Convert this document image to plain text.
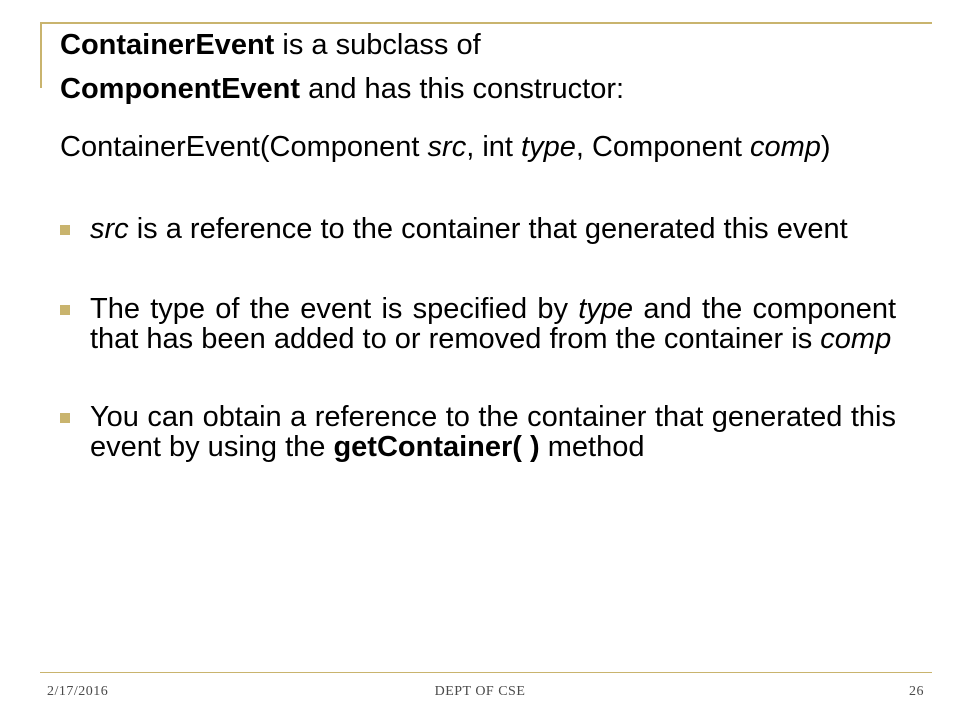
ContainerEvent is a subclass of

ComponentEvent and has this constructor:

ContainerEvent(Component src, int type, Component comp)

src is a reference to the container that generated this event
The type of the event is specified by type and the component that has been added to or removed from the container is comp
You can obtain a reference to the container that generated this event by using the getContainer( ) method
2/17/2016	DEPT OF CSE	26
